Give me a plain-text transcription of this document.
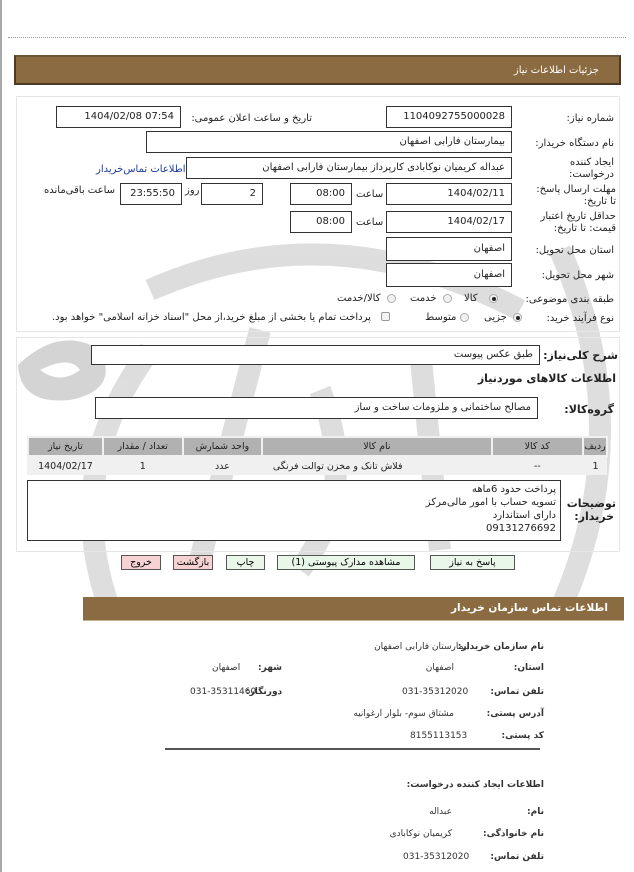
جزئیات اطلاعات نیاز
شماره نیاز:
1104092755000028
تاریخ و ساعت اعلان عمومی:
1404/02/08 07:54
نام دستگاه خریدار:
بیمارستان فارابی اصفهان
ایجاد کننده درخواست:
عبداله کریمیان نوکابادی کارپرداز بیمارستان فارابی اصفهان
اطلاعات تماس‌خریدار
مهلت ارسال پاسخ: تا تاریخ:
1404/02/11
ساعت
08:00
2
روز
23:55:50
ساعت باقی‌مانده
حداقل تاریخ اعتبار قیمت: تا تاریخ:
1404/02/17
ساعت
08:00
استان محل تحویل:
اصفهان
شهر محل تحویل:
اصفهان
طبقه بندی موضوعی:
کالا
خدمت
کالا/خدمت
نوع فرآیند خرید:
جزیی
متوسط
پرداخت تمام یا بخشی از مبلغ خرید،از محل "اسناد خزانه اسلامی" خواهد بود.
شرح کلی‌نیاز:
طبق عکس پیوست
اطلاعات کالاهای موردنیاز
گروه‌کالا:
مصالح ساختمانی و ملزومات ساخت و ساز
ردیف	کد کالا	نام کالا	واحد شمارش	تعداد / مقدار	تاریخ نیاز
1	--	فلاش تانک و مخزن توالت فرنگی	عدد	1	1404/02/17
توضیحات
خریدار:
پرداخت حدود 6ماهه
تسویه حساب با امور مالی‌مرکز
دارای استاندارد
09131276692
پاسخ به نیاز
مشاهده مدارک پیوستی (1)
چاپ
بازگشت
خروج
اطلاعات تماس سازمان خریدار
نام سازمان خریدار:
بیمارستان فارابی اصفهان
استان:
اصفهان
شهر:
اصفهان
تلفن تماس:
031-35312020
دورنگار:
031-35311460
آدرس پستی:
مشتاق سوم- بلوار ارغوانیه
کد پستی:
8155113153
اطلاعات ایجاد کننده درخواست:
نام:
عبداله
نام خانوادگی:
کریمیان نوکابادی
تلفن تماس:
031-35312020
